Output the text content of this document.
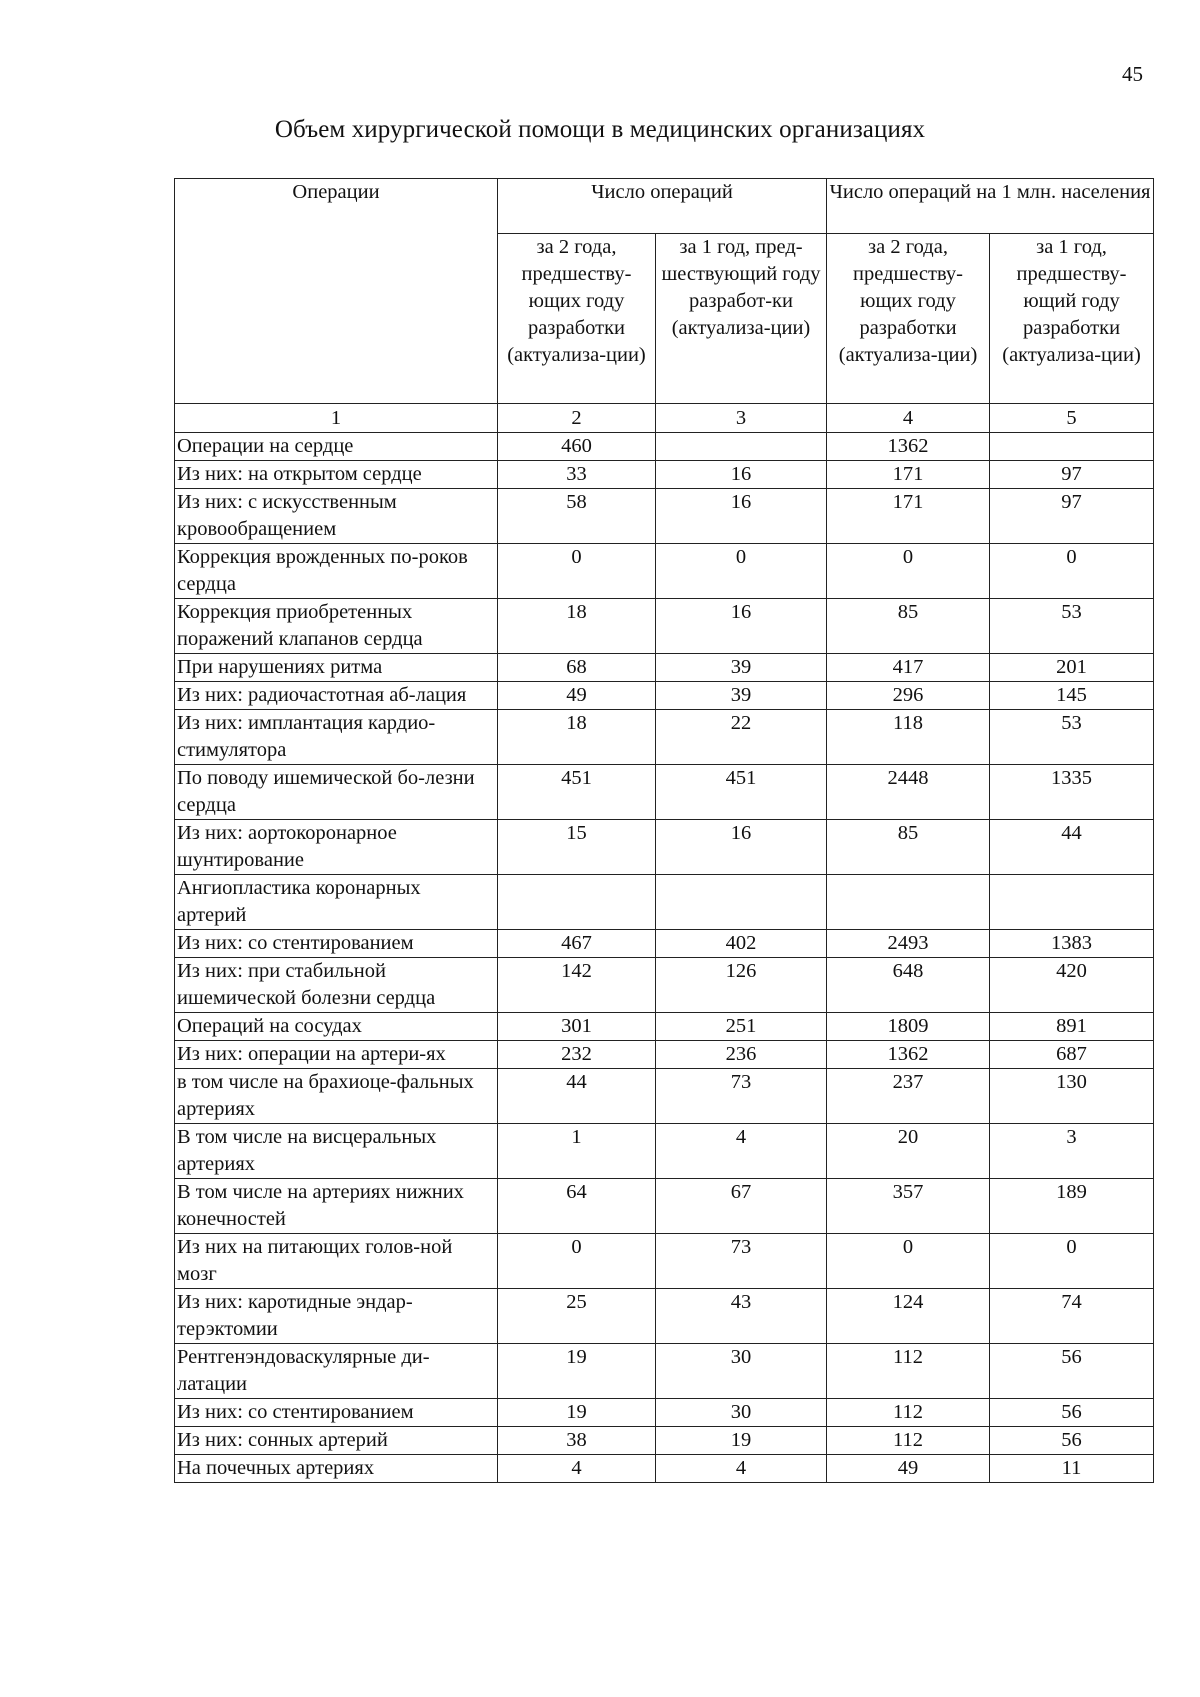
45
Объем хирургической помощи в медицинских организациях
Операции	Число операций		Число операций на 1 млн. населения	
	за 2 года, предшеству-ющих году разработки (актуализа-ции)	за 1 год, пред-шествующий году разработ-ки (актуализа-ции)	за 2 года, предшеству-ющих году разработки (актуализа-ции)	за 1 год, предшеству-ющий году разработки (актуализа-ции)
1	2	3	4	5
Операции на сердце	460		1362	
Из них: на открытом сердце	33	16	171	97
Из них: с искусственным кровообращением	58	16	171	97
Коррекция врожденных по-роков сердца	0	0	0	0
Коррекция приобретенных поражений клапанов сердца	18	16	85	53
При нарушениях ритма	68	39	417	201
Из них: радиочастотная аб-лация	49	39	296	145
Из них: имплантация кардио-стимулятора	18	22	118	53
По поводу ишемической бо-лезни сердца	451	451	2448	1335
Из них: аортокоронарное шунтирование	15	16	85	44
Ангиопластика коронарных артерий				
Из них: со стентированием	467	402	2493	1383
Из них: при стабильной ишемической болезни сердца	142	126	648	420
Операций на сосудах	301	251	1809	891
Из них: операции на артери-ях	232	236	1362	687
в том числе на брахиоце-фальных артериях	44	73	237	130
В том числе на висцеральных артериях	1	4	20	3
В том числе на артериях нижних конечностей	64	67	357	189
Из них на питающих голов-ной мозг	0	73	0	0
Из них: каротидные эндар-терэктомии	25	43	124	74
Рентгенэндоваскулярные ди-латации	19	30	112	56
Из них: со стентированием	19	30	112	56
Из них: сонных артерий	38	19	112	56
На почечных артериях	4	4	49	11
